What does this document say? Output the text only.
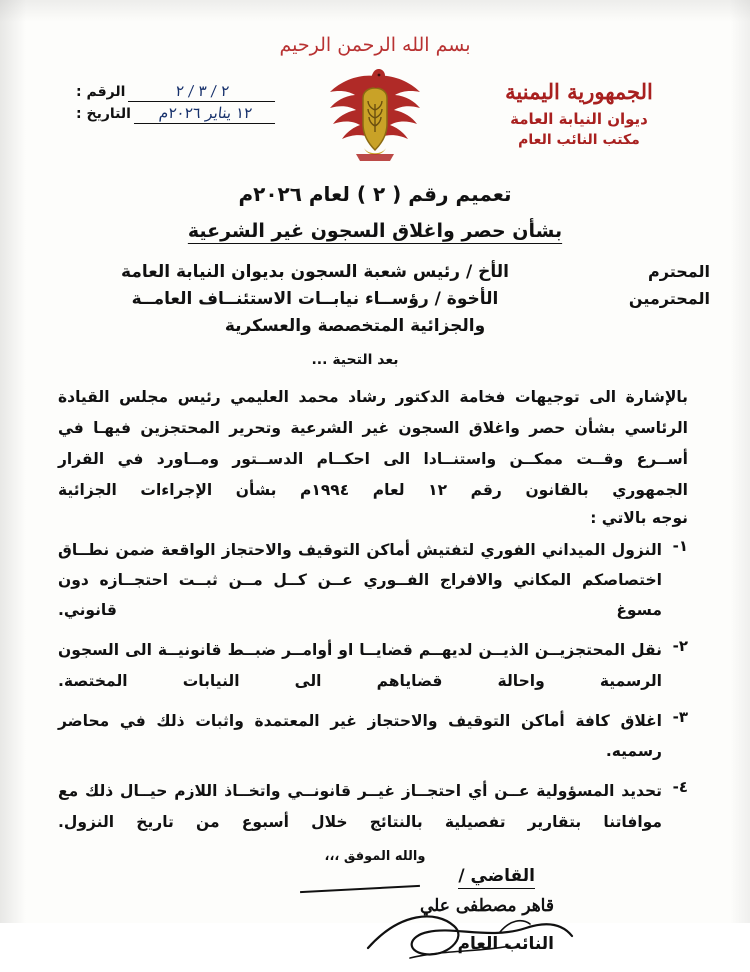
بسم الله الرحمن الرحيم
الجمهورية اليمنية
ديوان النيابة العامة
مكتب النائب العام
الرقم :	٢ / ٣ / ٢
التاريخ :	١٢ يناير ٢٠٢٦م
تعميم رقم ( ٢ ) لعام ٢٠٢٦م
بشأن حصر واغلاق السجون غير الشرعية
المحترم
الأخ / رئيس شعبة السجون بديوان النيابة العامة
المحترمين
الأخوة / رؤســاء نيابــات الاستئنــاف العامــة
والجزائية المتخصصة والعسكرية
بعد التحية ...
بالإشارة الى توجيهات فخامة الدكتور رشاد محمد العليمي رئيس مجلس القيادة الرئاسي بشأن حصر واغلاق السجون غير الشرعية وتحرير المحتجزين فيهـا في أســرع وقــت ممكــن واستنــادا الى احكــام الدســتور ومــاورد في القرار الجمهوري بالقانون رقم ١٢ لعام ١٩٩٤م بشأن الإجراءات الجزائية
نوجه بالاتي :
١-
النزول الميداني الفوري لتفتيش أماكن التوقيف والاحتجاز الواقعة ضمن نطــاق اختصاصكم المكاني والافراج الفــوري عــن كــل مــن ثبــت احتجــازه دون مسوغ قانوني.
٢-
نقل المحتجزيــن الذيــن لديهــم قضايــا او أوامــر ضبــط قانونيــة الى السجون الرسمية واحالة قضاياهم الى النيابات المختصة.
٣-
اغلاق كافة أماكن التوقيف والاحتجاز غير المعتمدة واثبات ذلك في محاضر رسميه.
٤-
تحديد المسؤولية عــن أي احتجــاز غيــر قانونــي واتخــاذ اللازم حيــال ذلك مع موافاتنا بتقارير تفصيلية بالنتائج خلال أسبوع من تاريخ النزول.
والله الموفق ،،،
القاضي /
قاهر مصطفى علي
النائب العام
